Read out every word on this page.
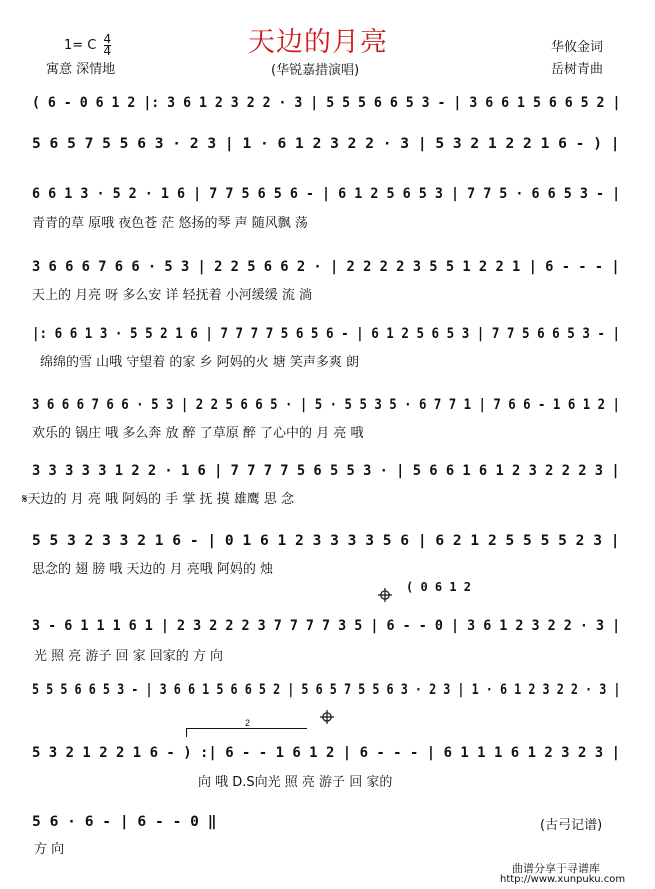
天边的月亮
1= C $\frac{4}{4}$
寓意 深情地	(华锐嘉措演唱)
华攸金词
岳树青曲
( 6 - 0 6 1 2 |: 3 6 1 2 3 2 2 · 3 | 5 5 5 6 6 5 3 - | 3 6 6 1 5 6 6 5 2 |
5 6 5 7 5 5 6 3 · 2 3 | 1 · 6 1 2 3 2 2 · 3 | 5 3 2 1 2 2 1 6 - ) |
6 6 1 3 · 5 2 · 1 6 | 7 7 5 6 5 6 - | 6 1 2 5 6 5 3 | 7 7 5 · 6 6 5 3 - |
青青的草 原哦 夜色苍 茫 悠扬的琴 声 随风飘 荡
3 6 6 6 7 6 6 · 5 3 | 2 2 5 6 6 2 · | 2 2 2 2 3 5 5 1 2 2 1 | 6 - - - |
天上的 月亮 呀 多么安 详 轻抚着 小河缓缓 流 淌
|: 6 6 1 3 · 5 5 2 1 6 | 7 7 7 7 5 6 5 6 - | 6 1 2 5 6 5 3 | 7 7 5 6 6 5 3 - |
绵绵的雪 山哦 守望着 的家 乡 阿妈的火 塘 笑声多爽 朗
3 6 6 6 7 6 6 · 5 3 | 2 2 5 6 6 5 · | 5 · 5 5 3 5 · 6 7 7 1 | 7 6 6 - 1 6 1 2 |
欢乐的 锅庄 哦 多么奔 放 醉 了草原 醉 了心中的 月 亮 哦
3 3 3 3 3 1 2 2 · 1 6 | 7 7 7 7 5 6 5 5 3 · | 5 6 6 1 6 1 2 3 2 2 2 3 |
𝄋天边的 月 亮 哦 阿妈的 手 掌 抚 摸 雄鹰 思 念
5 5 3 2 3 3 2 1 6 - | 0 1 6 1 2 3 3 3 3 5 6 | 6 2 1 2 5 5 5 5 2 3 |
思念的 翅 膀 哦 天边的 月 亮哦 阿妈的 烛
( 0 6 1 2
3 - 6 1 1 1 6 1 | 2 3 2 2 2 3 7 7 7 7 3 5 | 6 - - 0 | 3 6 1 2 3 2 2 · 3 |
光 照 亮 游子 回 家 回家的 方 向
5 5 5 6 6 5 3 - | 3 6 6 1 5 6 6 5 2 | 5 6 5 7 5 5 6 3 · 2 3 | 1 · 6 1 2 3 2 2 · 3 |
2
5 3 2 1 2 2 1 6 - ) :| 6 - - 1 6 1 2 | 6 - - - | 6 1 1 1 6 1 2 3 2 3 |
向 哦 D.S向光 照 亮 游子 回 家的
5 6 · 6 - | 6 - - 0 ‖
方 向
(古弓记谱)
曲谱分享于寻谱库
http://www.xunpuku.com
